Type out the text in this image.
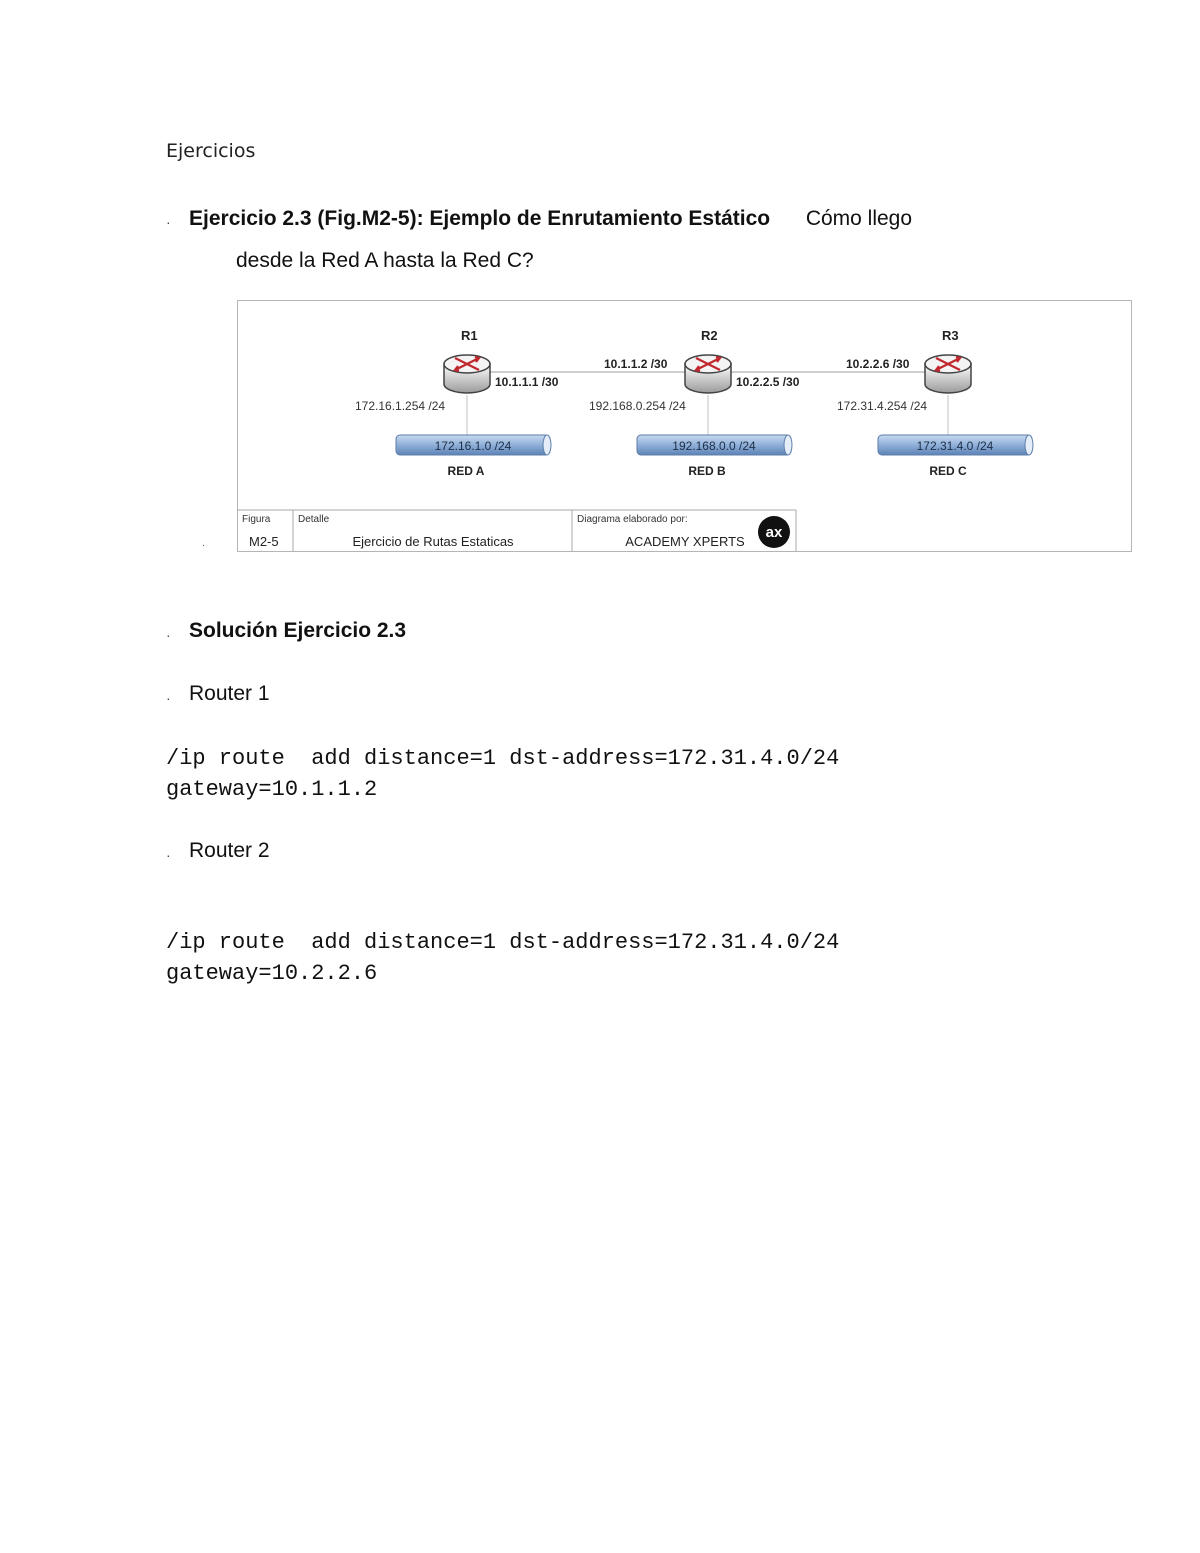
Ejercicios
· Ejercicio 2.3 (Fig.M2-5): Ejemplo de Enrutamiento Estático Cómo llego
desde la Red A hasta la Red C?
R1	R2	R3
10.1.1.1 /30
10.1.1.2 /30
10.2.2.5 /30
10.2.2.6 /30
172.16.1.254 /24	192.168.0.254 /24	172.31.4.254 /24
172.16.1.0 /24	192.168.0.0 /24	172.31.4.0 /24
RED A	RED B	RED C
Figura
M2-5
Detalle
Ejercicio de Rutas Estaticas
Diagrama elaborado por:
ACADEMY XPERTS
ax
·
· Solución Ejercicio 2.3
· Router 1
/ip route  add distance=1 dst-address=172.31.4.0/24
gateway=10.1.1.2
· Router 2
/ip route  add distance=1 dst-address=172.31.4.0/24
gateway=10.2.2.6
